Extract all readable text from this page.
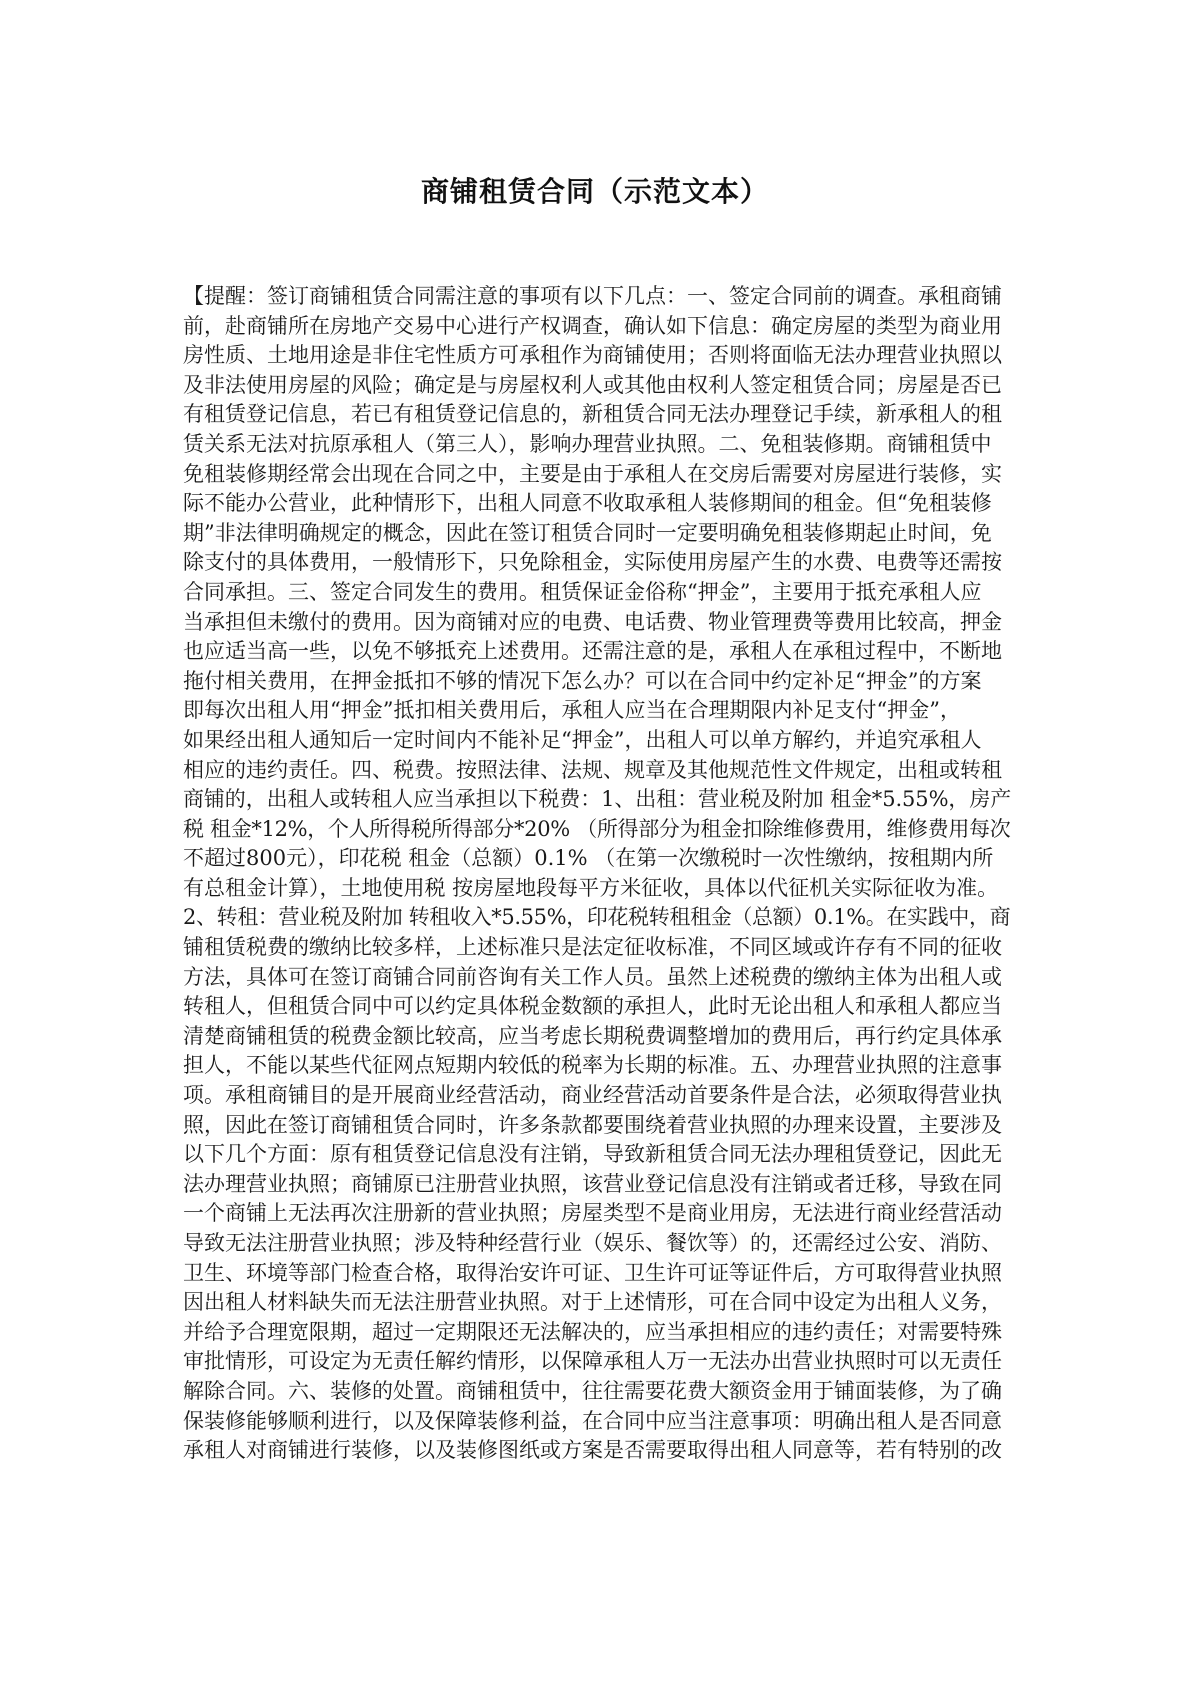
商铺租赁合同（示范文本）
【提醒：签订商铺租赁合同需注意的事项有以下几点：一、签定合同前的调查。承租商铺
前，赴商铺所在房地产交易中心进行产权调查，确认如下信息：确定房屋的类型为商业用
房性质、土地用途是非住宅性质方可承租作为商铺使用；否则将面临无法办理营业执照以
及非法使用房屋的风险；确定是与房屋权利人或其他由权利人签定租赁合同；房屋是否已
有租赁登记信息，若已有租赁登记信息的，新租赁合同无法办理登记手续，新承租人的租
赁关系无法对抗原承租人（第三人），影响办理营业执照。二、免租装修期。商铺租赁中
免租装修期经常会出现在合同之中，主要是由于承租人在交房后需要对房屋进行装修，实
际不能办公营业，此种情形下，出租人同意不收取承租人装修期间的租金。但“免租装修
期”非法律明确规定的概念，因此在签订租赁合同时一定要明确免租装修期起止时间，免
除支付的具体费用，一般情形下，只免除租金，实际使用房屋产生的水费、电费等还需按
合同承担。三、签定合同发生的费用。租赁保证金俗称“押金”，主要用于抵充承租人应
当承担但未缴付的费用。因为商铺对应的电费、电话费、物业管理费等费用比较高，押金
也应适当高一些，以免不够抵充上述费用。还需注意的是，承租人在承租过程中，不断地
拖付相关费用，在押金抵扣不够的情况下怎么办？可以在合同中约定补足“押金”的方案
即每次出租人用“押金”抵扣相关费用后，承租人应当在合理期限内补足支付“押金”，
如果经出租人通知后一定时间内不能补足“押金”，出租人可以单方解约，并追究承租人
相应的违约责任。四、税费。按照法律、法规、规章及其他规范性文件规定，出租或转租
商铺的，出租人或转租人应当承担以下税费：1、出租：营业税及附加 租金*5.55%，房产
税 租金*12%，个人所得税所得部分*20% （所得部分为租金扣除维修费用，维修费用每次
不超过800元），印花税 租金（总额）0.1% （在第一次缴税时一次性缴纳，按租期内所
有总租金计算），土地使用税 按房屋地段每平方米征收，具体以代征机关实际征收为准。
2、转租：营业税及附加 转租收入*5.55%，印花税转租租金（总额）0.1%。在实践中，商
铺租赁税费的缴纳比较多样，上述标准只是法定征收标准，不同区域或许存有不同的征收
方法，具体可在签订商铺合同前咨询有关工作人员。虽然上述税费的缴纳主体为出租人或
转租人，但租赁合同中可以约定具体税金数额的承担人，此时无论出租人和承租人都应当
清楚商铺租赁的税费金额比较高，应当考虑长期税费调整增加的费用后，再行约定具体承
担人，不能以某些代征网点短期内较低的税率为长期的标准。五、办理营业执照的注意事
项。承租商铺目的是开展商业经营活动，商业经营活动首要条件是合法，必须取得营业执
照，因此在签订商铺租赁合同时，许多条款都要围绕着营业执照的办理来设置，主要涉及
以下几个方面：原有租赁登记信息没有注销，导致新租赁合同无法办理租赁登记，因此无
法办理营业执照；商铺原已注册营业执照，该营业登记信息没有注销或者迁移，导致在同
一个商铺上无法再次注册新的营业执照；房屋类型不是商业用房，无法进行商业经营活动
导致无法注册营业执照；涉及特种经营行业（娱乐、餐饮等）的，还需经过公安、消防、
卫生、环境等部门检查合格，取得治安许可证、卫生许可证等证件后，方可取得营业执照
因出租人材料缺失而无法注册营业执照。对于上述情形，可在合同中设定为出租人义务，
并给予合理宽限期，超过一定期限还无法解决的，应当承担相应的违约责任；对需要特殊
审批情形，可设定为无责任解约情形，以保障承租人万一无法办出营业执照时可以无责任
解除合同。六、装修的处置。商铺租赁中，往往需要花费大额资金用于铺面装修，为了确
保装修能够顺利进行，以及保障装修利益，在合同中应当注意事项：明确出租人是否同意
承租人对商铺进行装修，以及装修图纸或方案是否需要取得出租人同意等，若有特别的改
